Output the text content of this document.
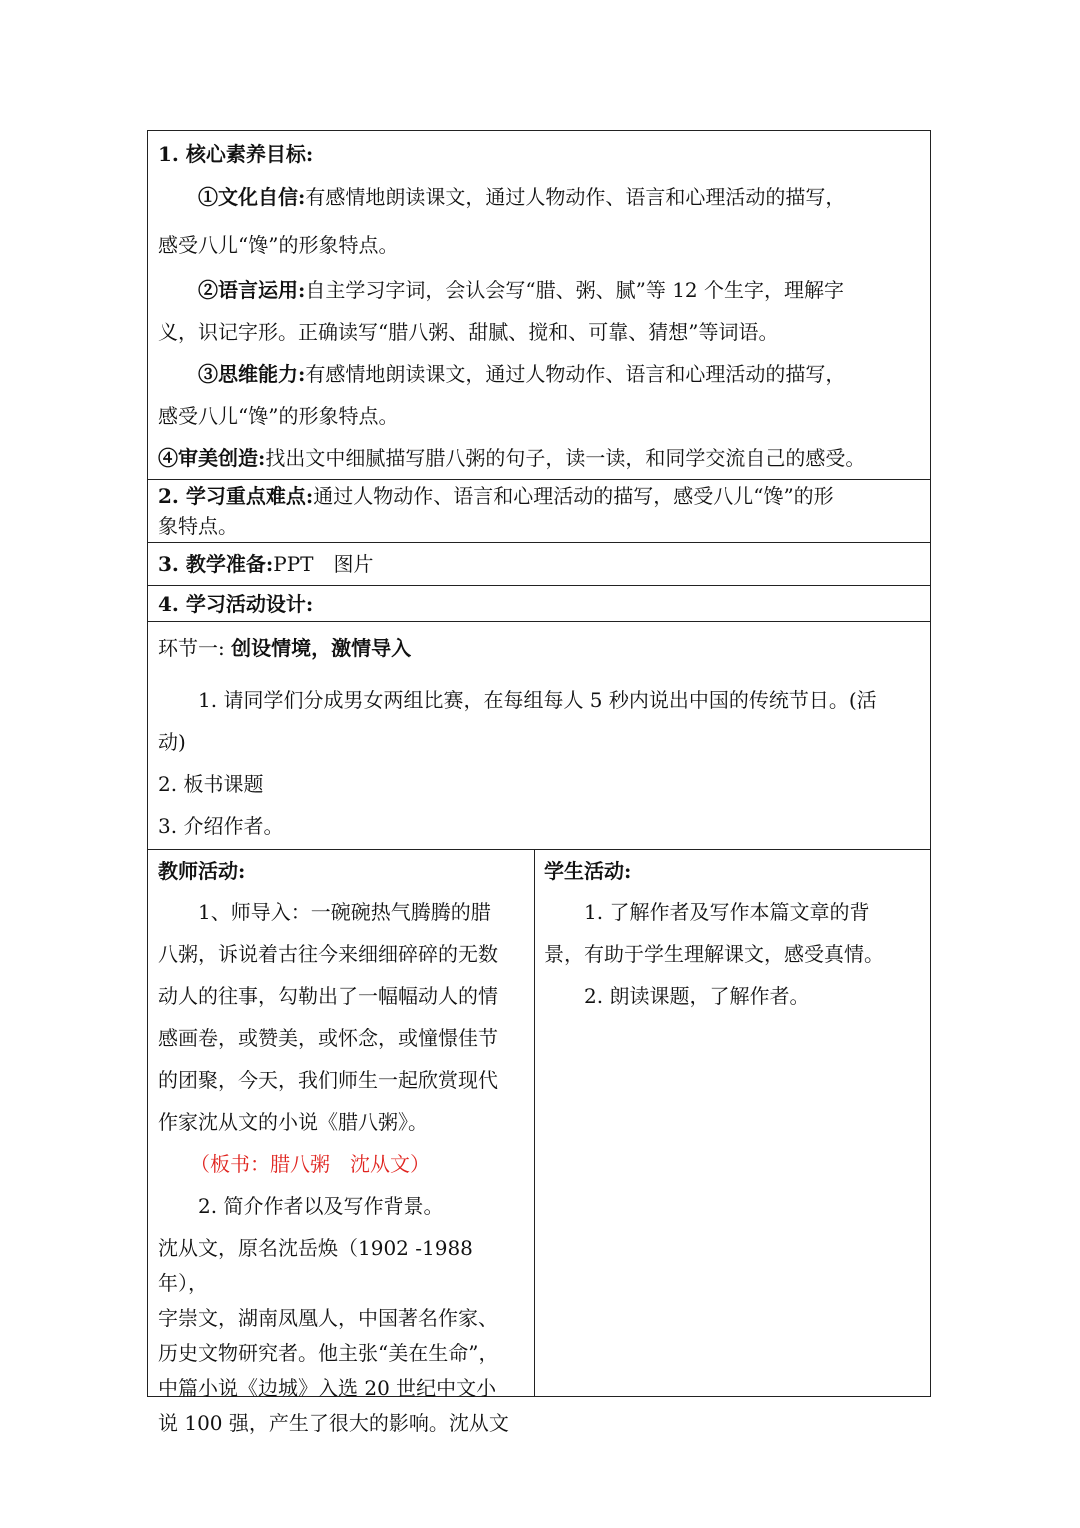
1. 核心素养目标:

①文化自信:有感情地朗读课文，通过人物动作、语言和心理活动的描写，

感受八儿“馋”的形象特点。

②语言运用:自主学习字词，会认会写“腊、粥、腻”等 12 个生字，理解字

义，识记字形。正确读写“腊八粥、甜腻、搅和、可靠、猜想”等词语。

③思维能力:有感情地朗读课文，通过人物动作、语言和心理活动的描写，

感受八儿“馋”的形象特点。

④审美创造:找出文中细腻描写腊八粥的句子，读一读，和同学交流自己的感受。

2. 学习重点难点:通过人物动作、语言和心理活动的描写，感受八儿“馋”的形

象特点。

3. 教学准备:PPT　图片

4. 学习活动设计:

环节一: 创设情境，激情导入

1. 请同学们分成男女两组比赛，在每组每人 5 秒内说出中国的传统节日。(活

动)

2. 板书课题

3. 介绍作者。

教师活动:

1、师导入：一碗碗热气腾腾的腊

八粥，诉说着古往今来细细碎碎的无数

动人的往事，勾勒出了一幅幅动人的情

感画卷，或赞美，或怀念，或憧憬佳节

的团聚，今天，我们师生一起欣赏现代

作家沈从文的小说《腊八粥》。

（板书：腊八粥　沈从文）

2. 简介作者以及写作背景。

沈从文，原名沈岳焕（1902 -1988 年），

字崇文，湖南凤凰人，中国著名作家、

历史文物研究者。他主张“美在生命”，

中篇小说《边城》入选 20 世纪中文小

说 100 强，产生了很大的影响。沈从文

学生活动:

1. 了解作者及写作本篇文章的背

景，有助于学生理解课文，感受真情。

2. 朗读课题，了解作者。
